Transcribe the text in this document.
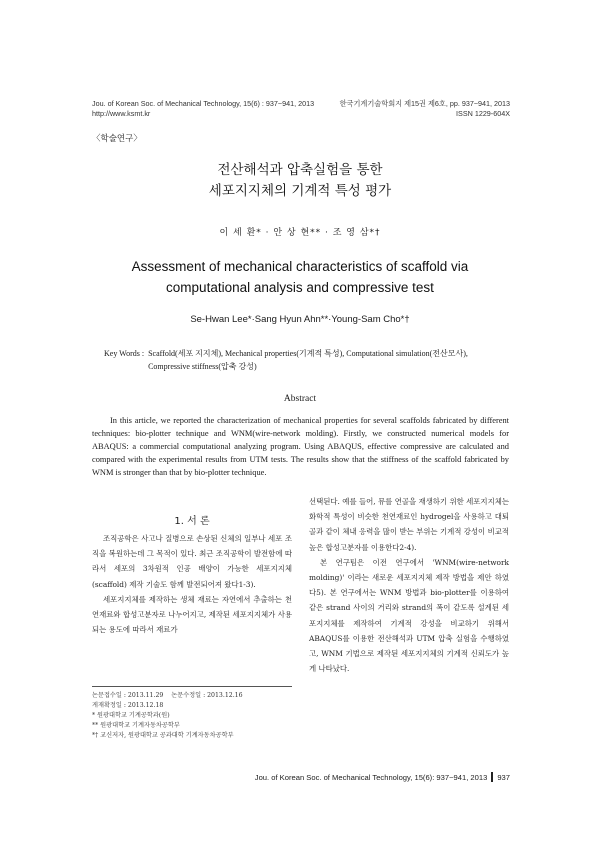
Jou. of Korean Soc. of Mechanical Technology, 15(6) : 937~941, 2013
http://www.ksmt.kr
한국기계기술학회지 제15권 제6호, pp. 937~941, 2013
ISSN 1229-604X
〈학술연구〉
전산해석과 압축실험을 통한
세포지지체의 기계적 특성 평가
이 세 환* · 안 상 현** · 조 영 삼*†
Assessment of mechanical characteristics of scaffold via
computational analysis and compressive test
Se-Hwan Lee*·Sang Hyun Ahn**·Young-Sam Cho*†
Key Words : Scaffold(세포 지지체), Mechanical properties(기계적 특성), Computational simulation(전산모사),
Compressive stiffness(압축 강성)
Abstract
In this article, we reported the characterization of mechanical properties for several scaffolds fabricated by different techniques: bio-plotter technique and WNM(wire-network molding). Firstly, we constructed numerical models for ABAQUS: a commercial computational analyzing program. Using ABAQUS, effective compressive are calculated and compared with the experimental results from UTM tests. The results show that the stiffness of the scaffold fabricated by WNM is stronger than that by bio-plotter technique.
1. 서 론

조직공학은 사고나 질병으로 손상된 신체의 일부나 세포 조직을 복원하는데 그 목적이 있다. 최근 조직공학이 발전함에 따라서 세포의 3차원적 인공 배양이 가능한 세포지지체(scaffold) 제작 기술도 함께 발전되어져 왔다1-3).

세포지지체를 제작하는 생체 재료는 자연에서 추출하는 천연재료와 합성고분자로 나누어지고, 제작된 세포지지체가 사용되는 용도에 따라서 재료가

선택된다. 예를 들어, 뮤를 연골을 재생하기 위한 세포지지체는 화학적 특성이 비슷한 천연재료인 hydrogel을 사용하고 대퇴골과 같이 체내 응력을 많이 받는 부위는 기계적 강성이 비교적 높은 합성고분자를 이용한다2-4).

본 연구팀은 이전 연구에서 'WNM(wire-network molding)' 이라는 새로운 세포지지체 제작 방법을 제안 하였다5). 본 연구에서는 WNM 방법과 bio-plotter를 이용하여 같은 strand 사이의 거리와 strand의 폭이 같도록 설계된 세포지지체를 제작하여 기계적 강성을 비교하기 위해서 ABAQUS를 이용한 전산해석과 UTM 압축 실험을 수행하였고, WNM 기법으로 제작된 세포지지체의 기계적 신뢰도가 높게 나타났다.

논문접수일 : 2013.11.29 논문수정일 : 2013.12.16
게재확정일 : 2013.12.18
* 원광대학교 기계공학과(원)
** 원광대학교 기계자동차공학부
*† 교신저자, 원광대학교 공과대학 기계자동차공학부
Jou. of Korean Soc. of Mechanical Technology, 15(6): 937~941, 2013 937
